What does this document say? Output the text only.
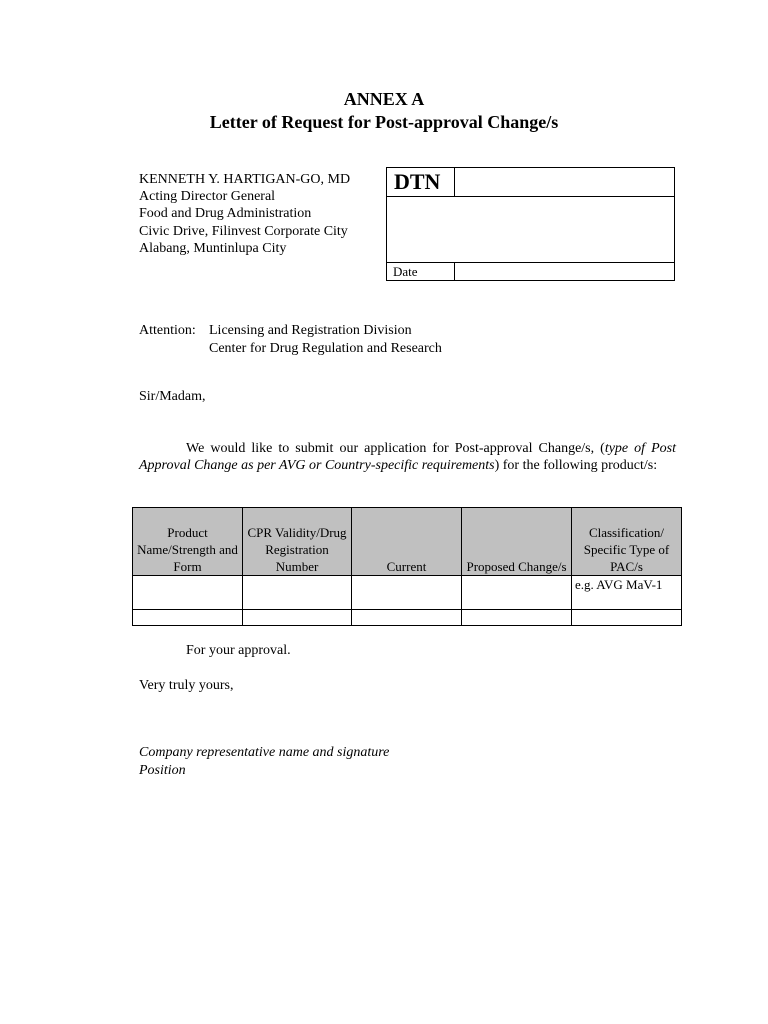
ANNEX A
Letter of Request for Post-approval Change/s
KENNETH Y. HARTIGAN-GO, MD
Acting Director General
Food and Drug Administration
Civic Drive, Filinvest Corporate City
Alabang, Muntinlupa City
DTN
Date
Attention: Licensing and Registration Division
Center for Drug Regulation and Research
Sir/Madam,
We would like to submit our application for Post-approval Change/s, (type of Post Approval Change as per AVG or Country-specific requirements) for the following product/s:
Product Name/Strength and Form	CPR Validity/Drug Registration Number	Current	Proposed Change/s	Classification/ Specific Type of PAC/s
				e.g. AVG MaV-1

For your approval.
Very truly yours,
Company representative name and signature
Position
